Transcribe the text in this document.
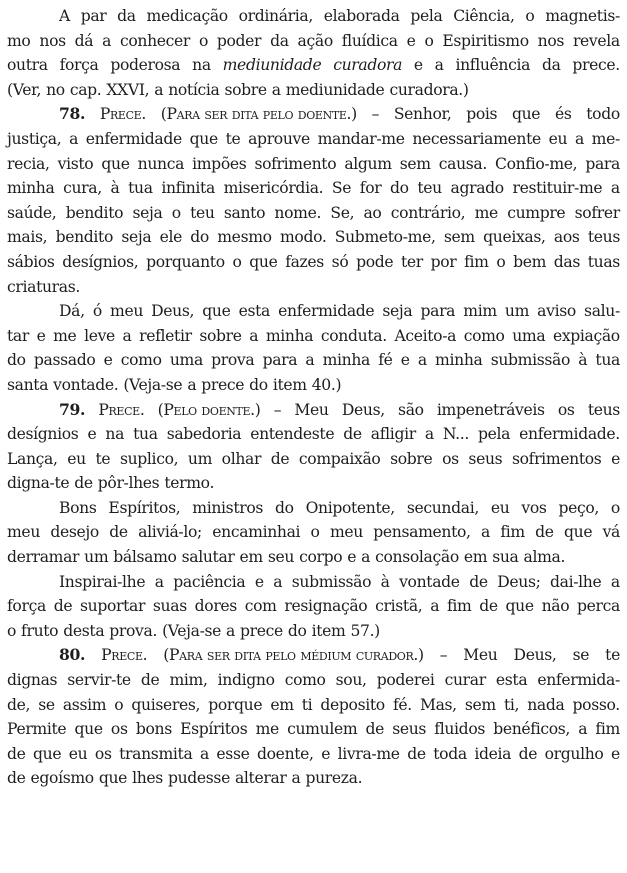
A par da medicação ordinária, elaborada pela Ciência, o magnetis-
mo nos dá a conhecer o poder da ação fluídica e o Espiritismo nos revela
outra força poderosa na mediunidade curadora e a influência da prece.
(Ver, no cap. XXVI, a notícia sobre a mediunidade curadora.)
78. Prece. (Para ser dita pelo doente.) – Senhor, pois que és todo
justiça, a enfermidade que te aprouve mandar-me necessariamente eu a me-
recia, visto que nunca impões sofrimento algum sem causa. Confio-me, para
minha cura, à tua infinita misericórdia. Se for do teu agrado restituir-me a
saúde, bendito seja o teu santo nome. Se, ao contrário, me cumpre sofrer
mais, bendito seja ele do mesmo modo. Submeto-me, sem queixas, aos teus
sábios desígnios, porquanto o que fazes só pode ter por fim o bem das tuas
criaturas.
Dá, ó meu Deus, que esta enfermidade seja para mim um aviso salu-
tar e me leve a refletir sobre a minha conduta. Aceito-a como uma expiação
do passado e como uma prova para a minha fé e a minha submissão à tua
santa vontade. (Veja-se a prece do item 40.)
79. Prece. (Pelo doente.) – Meu Deus, são impenetráveis os teus
desígnios e na tua sabedoria entendeste de afligir a N... pela enfermidade.
Lança, eu te suplico, um olhar de compaixão sobre os seus sofrimentos e
digna-te de pôr-lhes termo.
Bons Espíritos, ministros do Onipotente, secundai, eu vos peço, o
meu desejo de aliviá-lo; encaminhai o meu pensamento, a fim de que vá
derramar um bálsamo salutar em seu corpo e a consolação em sua alma.
Inspirai-lhe a paciência e a submissão à vontade de Deus; dai-lhe a
força de suportar suas dores com resignação cristã, a fim de que não perca
o fruto desta prova. (Veja-se a prece do item 57.)
80. Prece. (Para ser dita pelo médium curador.) – Meu Deus, se te
dignas servir-te de mim, indigno como sou, poderei curar esta enfermida-
de, se assim o quiseres, porque em ti deposito fé. Mas, sem ti, nada posso.
Permite que os bons Espíritos me cumulem de seus fluidos benéficos, a fim
de que eu os transmita a esse doente, e livra-me de toda ideia de orgulho e
de egoísmo que lhes pudesse alterar a pureza.
